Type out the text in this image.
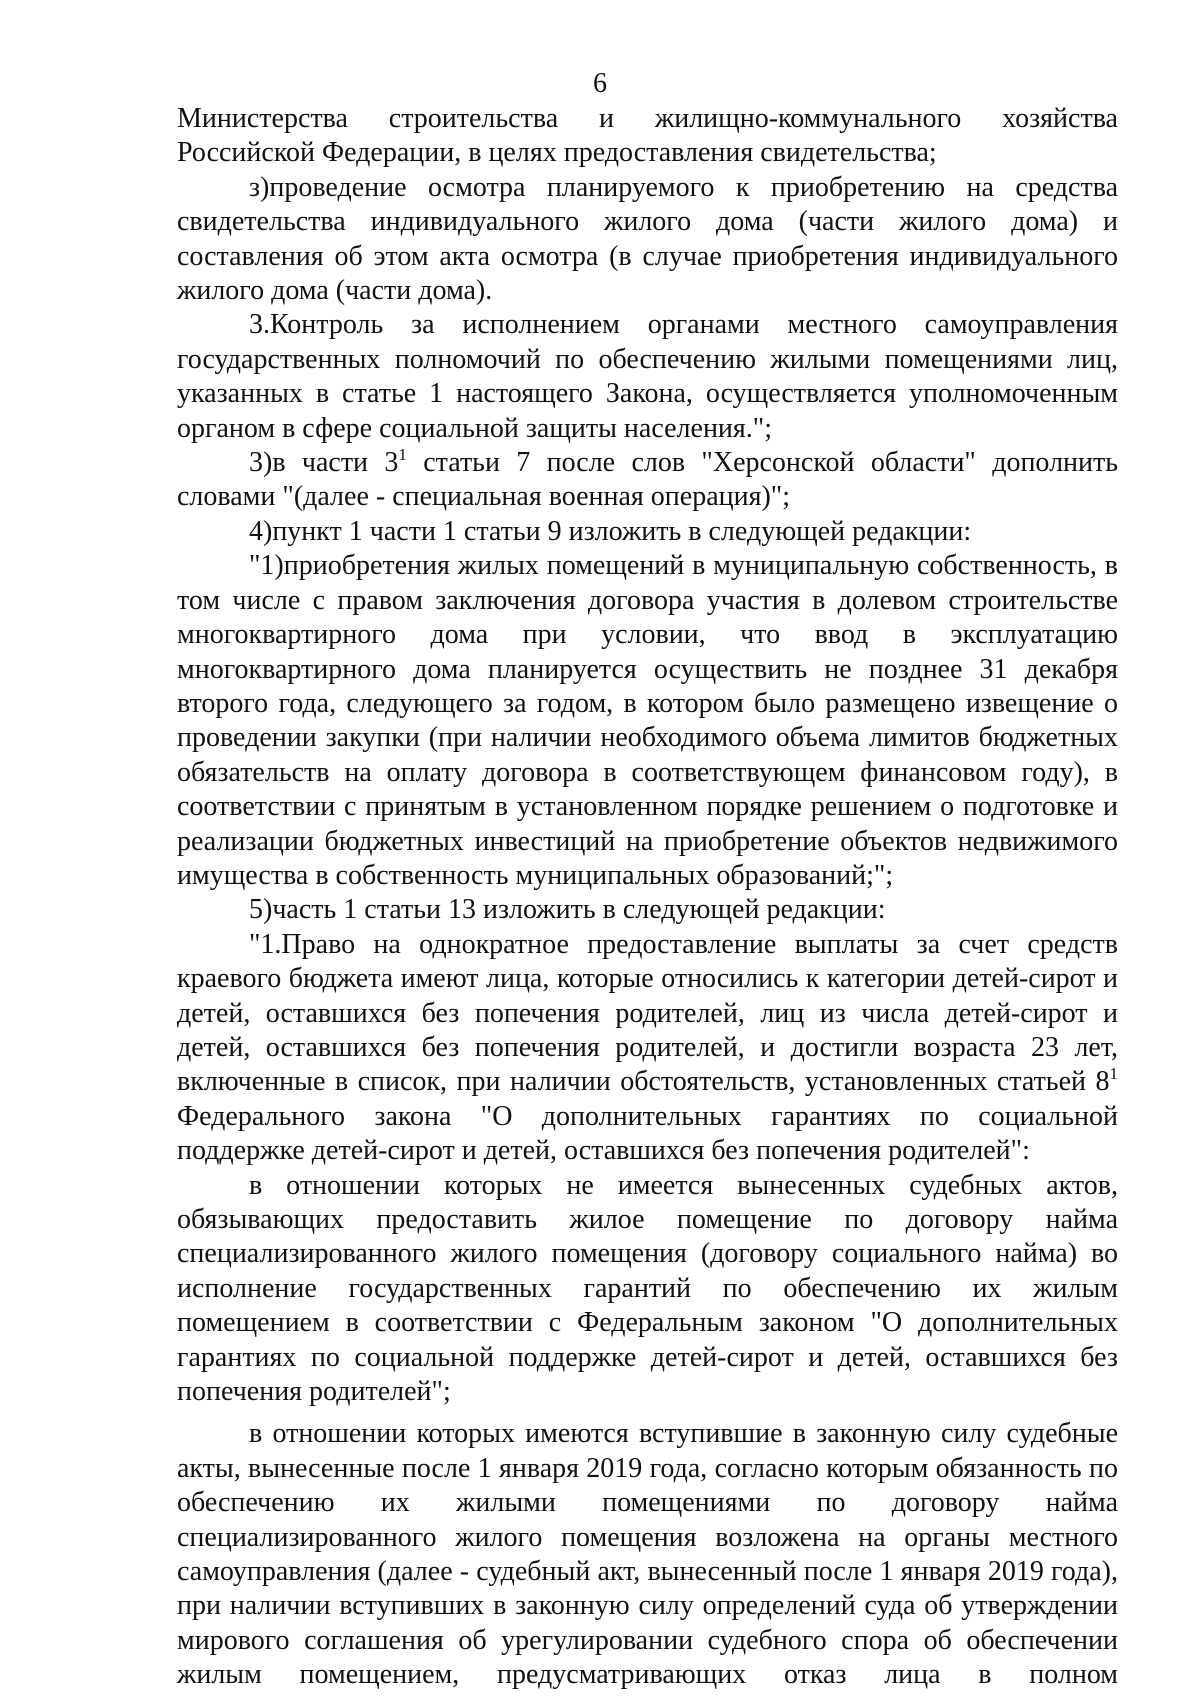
6

Министерства строительства и жилищно-коммунального хозяйства Российской Федерации, в целях предоставления свидетельства;

з)проведение осмотра планируемого к приобретению на средства свидетельства индивидуального жилого дома (части жилого дома) и составления об этом акта осмотра (в случае приобретения индивидуального жилого дома (части дома).

3.Контроль за исполнением органами местного самоуправления государственных полномочий по обеспечению жилыми помещениями лиц, указанных в статье 1 настоящего Закона, осуществляется уполномоченным органом в сфере социальной защиты населения.";

3)в части $3^1$ статьи 7 после слов "Херсонской области" дополнить словами "(далее - специальная военная операция)";

4)пункт 1 части 1 статьи 9 изложить в следующей редакции:

"1)приобретения жилых помещений в муниципальную собственность, в том числе с правом заключения договора участия в долевом строительстве многоквартирного дома при условии, что ввод в эксплуатацию многоквартирного дома планируется осуществить не позднее 31 декабря второго года, следующего за годом, в котором было размещено извещение о проведении закупки (при наличии необходимого объема лимитов бюджетных обязательств на оплату договора в соответствующем финансовом году), в соответствии с принятым в установленном порядке решением о подготовке и реализации бюджетных инвестиций на приобретение объектов недвижимого имущества в собственность муниципальных образований;";

5)часть 1 статьи 13 изложить в следующей редакции:

"1.Право на однократное предоставление выплаты за счет средств краевого бюджета имеют лица, которые относились к категории детей-сирот и детей, оставшихся без попечения родителей, лиц из числа детей-сирот и детей, оставшихся без попечения родителей, и достигли возраста 23 лет, включенные в список, при наличии обстоятельств, установленных статьей $8^1$ Федерального закона "О дополнительных гарантиях по социальной поддержке детей-сирот и детей, оставшихся без попечения родителей":

в отношении которых не имеется вынесенных судебных актов, обязывающих предоставить жилое помещение по договору найма специализированного жилого помещения (договору социального найма) во исполнение государственных гарантий по обеспечению их жилым помещением в соответствии с Федеральным законом "О дополнительных гарантиях по социальной поддержке детей-сирот и детей, оставшихся без попечения родителей";

в отношении которых имеются вступившие в законную силу судебные акты, вынесенные после 1 января 2019 года, согласно которым обязанность по обеспечению их жилыми помещениями по договору найма специализированного жилого помещения возложена на органы местного самоуправления (далее - судебный акт, вынесенный после 1 января 2019 года), при наличии вступивших в законную силу определений суда об утверждении мирового соглашения об урегулировании судебного спора об обеспечении жилым помещением, предусматривающих отказ лица в полном
